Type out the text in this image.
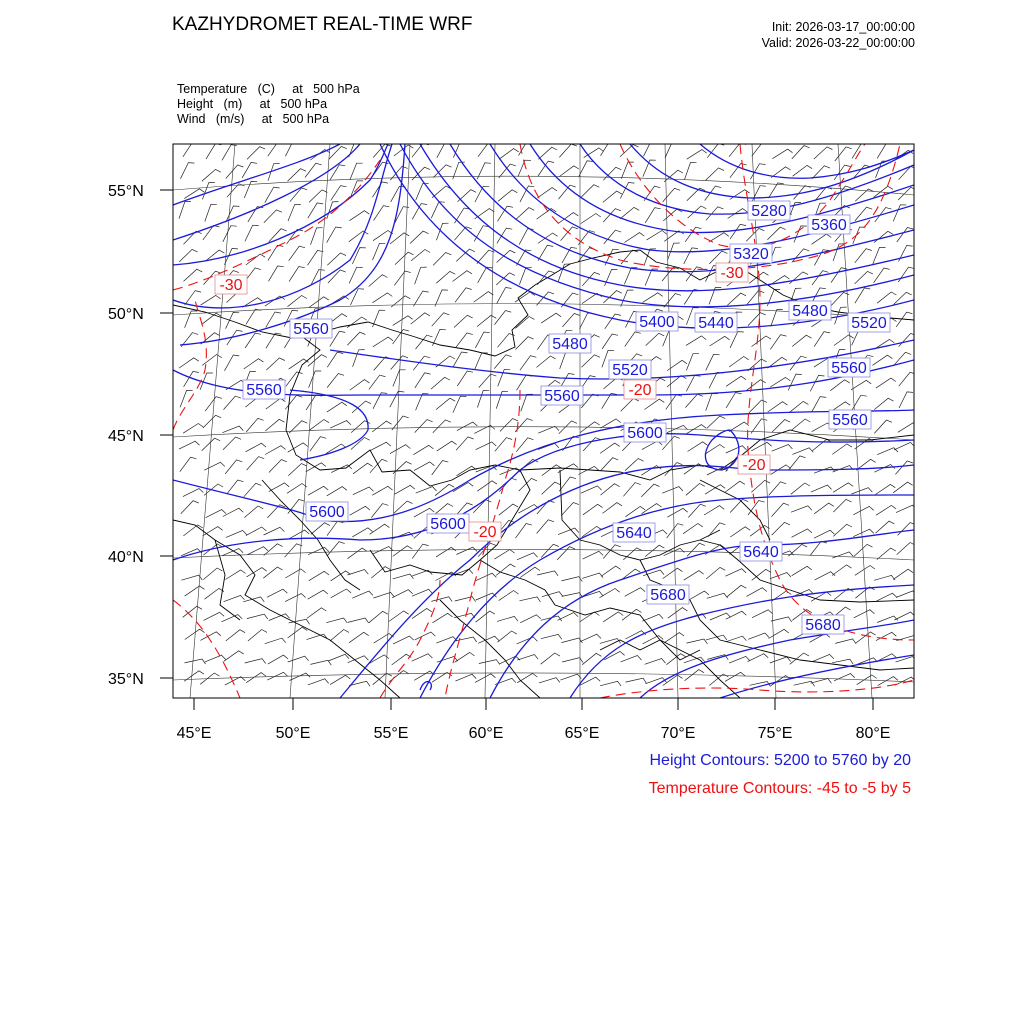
KAZHYDROMET REAL-TIME WRF	Init: 2026-03-17_00:00:00
Valid: 2026-03-22_00:00:00
Temperature   (C)     at   500 hPa
Height   (m)     at   500 hPa
Wind   (m/s)     at   500 hPa
5280
5360
5320
5480
5520
5560
5400 5440
5480
5520
5560
5560
5560
5600
5600
5560
5600
5640
5640
5680
5680
-30
-30
-20
-20
-20
55°N
50°N
45°N
40°N
35°N
45°E	50°E	55°E	60°E	65°E	70°E	75°E	80°E
Height Contours: 5200 to 5760 by 20
Temperature Contours: -45 to -5 by 5
